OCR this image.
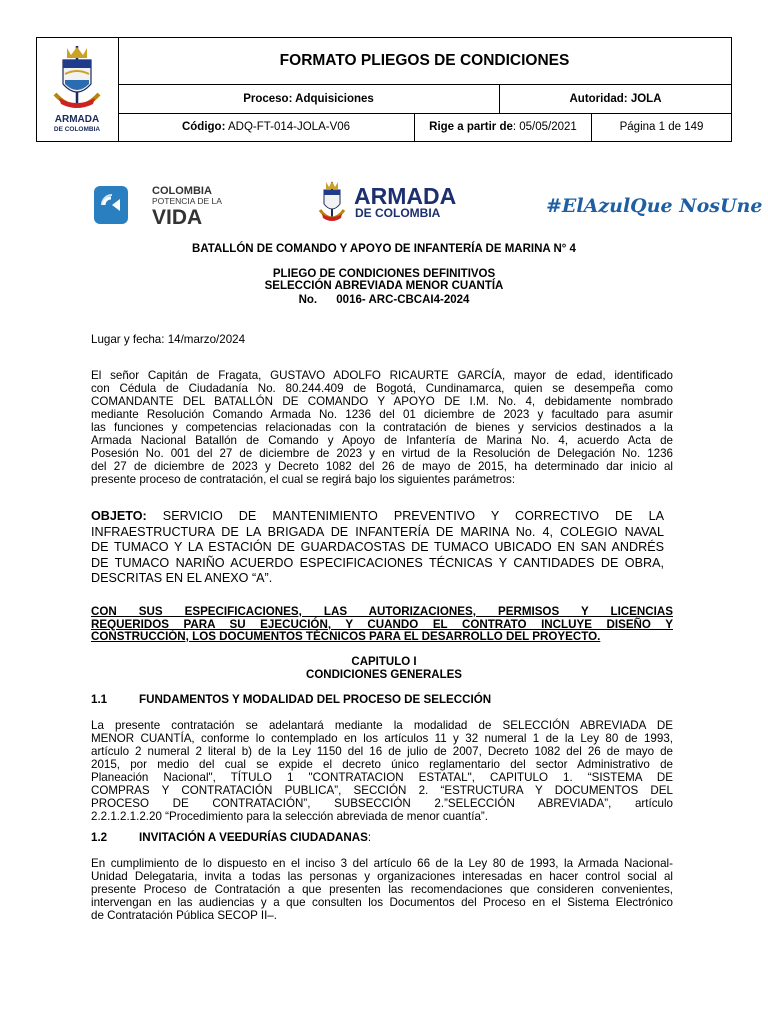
ARMADA
DE COLOMBIA
FORMATO PLIEGOS DE CONDICIONES
Proceso: Adquisiciones	Autoridad: JOLA
Código: ADQ-FT-014-JOLA-V06	Rige a partir de : 05/05/2021	Página 1 de 149
COLOMBIA
POTENCIA DE LA
VIDA
ARMADA
DE COLOMBIA	#ElAzulQue NosUne
BATALLÓN DE COMANDO Y APOYO DE INFANTERÍA DE MARINA N° 4
PLIEGO DE CONDICIONES DEFINITIVOS
SELECCIÓN ABREVIADA MENOR CUANTÍA
No.      0016- ARC-CBCAI4-2024
Lugar y fecha: 14/marzo/2024
El señor Capitán de Fragata, GUSTAVO ADOLFO RICAURTE GARCÍA, mayor de edad, identificado
con Cédula de Ciudadanía No. 80.244.409 de Bogotá, Cundinamarca, quien se desempeña como
COMANDANTE DEL BATALLÓN DE COMANDO Y APOYO DE I.M. No. 4, debidamente nombrado
mediante Resolución Comando Armada No. 1236 del 01 diciembre de 2023 y facultado para asumir
las funciones y competencias relacionadas con la contratación de bienes y servicios destinados a la
Armada Nacional Batallón de Comando y Apoyo de Infantería de Marina No. 4, acuerdo Acta de
Posesión No. 001 del 27 de diciembre de 2023 y en virtud de la Resolución de Delegación No. 1236
del 27 de diciembre de 2023 y Decreto 1082 del 26 de mayo de 2015, ha determinado dar inicio al
presente proceso de contratación, el cual se regirá bajo los siguientes parámetros:
OBJETO: SERVICIO DE MANTENIMIENTO PREVENTIVO Y CORRECTIVO DE LA
INFRAESTRUCTURA DE LA BRIGADA DE INFANTERÍA DE MARINA No. 4, COLEGIO NAVAL
DE TUMACO Y LA ESTACIÓN DE GUARDACOSTAS DE TUMACO UBICADO EN SAN ANDRÉS
DE TUMACO NARIÑO ACUERDO ESPECIFICACIONES TÉCNICAS Y CANTIDADES DE OBRA,
DESCRITAS EN EL ANEXO “A”.
CON SUS ESPECIFICACIONES, LAS AUTORIZACIONES, PERMISOS Y LICENCIAS
REQUERIDOS PARA SU EJECUCIÓN, Y CUANDO EL CONTRATO INCLUYE DISEÑO Y
CONSTRUCCIÓN, LOS DOCUMENTOS TÉCNICOS PARA EL DESARROLLO DEL PROYECTO.
CAPITULO I
CONDICIONES GENERALES
1.1	FUNDAMENTOS Y MODALIDAD DEL PROCESO DE SELECCIÓN
La presente contratación se adelantará mediante la modalidad de SELECCIÓN ABREVIADA DE
MENOR CUANTÍA, conforme lo contemplado en los artículos 11 y 32 numeral 1 de la Ley 80 de 1993,
artículo 2 numeral 2 literal b) de la Ley 1150 del 16 de julio de 2007, Decreto 1082 del 26 de mayo de
2015, por medio del cual se expide el decreto único reglamentario del sector Administrativo de
Planeación Nacional", TÍTULO 1 "CONTRATACION ESTATAL", CAPITULO 1. “SISTEMA DE
COMPRAS Y CONTRATACIÓN PUBLICA”, SECCIÓN 2. “ESTRUCTURA Y DOCUMENTOS DEL
PROCESO DE CONTRATACIÓN”, SUBSECCIÓN 2.”SELECCIÓN ABREVIADA”, artículo
2.2.1.2.1.2.20 “Procedimiento para la selección abreviada de menor cuantía”.
1.2	INVITACIÓN A VEEDURÍAS CIUDADANAS:
En cumplimiento de lo dispuesto en el inciso 3 del artículo 66 de la Ley 80 de 1993, la Armada Nacional-
Unidad Delegataria, invita a todas las personas y organizaciones interesadas en hacer control social al
presente Proceso de Contratación a que presenten las recomendaciones que consideren convenientes,
intervengan en las audiencias y a que consulten los Documentos del Proceso en el Sistema Electrónico
de Contratación Pública SECOP II–.
